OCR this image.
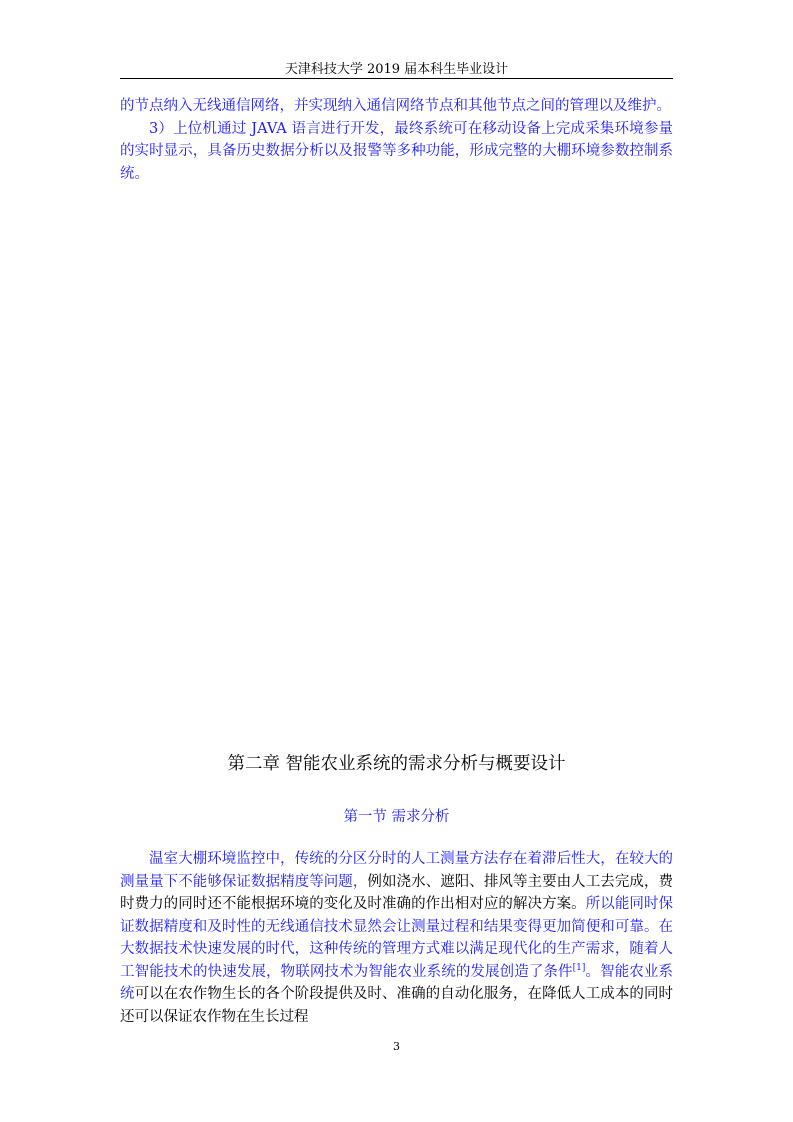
天津科技大学 2019 届本科生毕业设计
的节点纳入无线通信网络，并实现纳入通信网络节点和其他节点之间的管理以及维护。
3）上位机通过 JAVA 语言进行开发，最终系统可在移动设备上完成采集环境参量的实时显示，具备历史数据分析以及报警等多种功能，形成完整的大棚环境参数控制系统。
第二章 智能农业系统的需求分析与概要设计
第一节 需求分析
温室大棚环境监控中，传统的分区分时的人工测量方法存在着滞后性大，在较大的测量量下不能够保证数据精度等问题，例如浇水、遮阳、排风等主要由人工去完成，费时费力的同时还不能根据环境的变化及时准确的作出相对应的解决方案。所以能同时保证数据精度和及时性的无线通信技术显然会让测量过程和结果变得更加简便和可靠。在大数据技术快速发展的时代，这种传统的管理方式难以满足现代化的生产需求，随着人工智能技术的快速发展，物联网技术为智能农业系统的发展创造了条件[1]。智能农业系统可以在农作物生长的各个阶段提供及时、准确的自动化服务，在降低人工成本的同时还可以保证农作物在生长过程
3
